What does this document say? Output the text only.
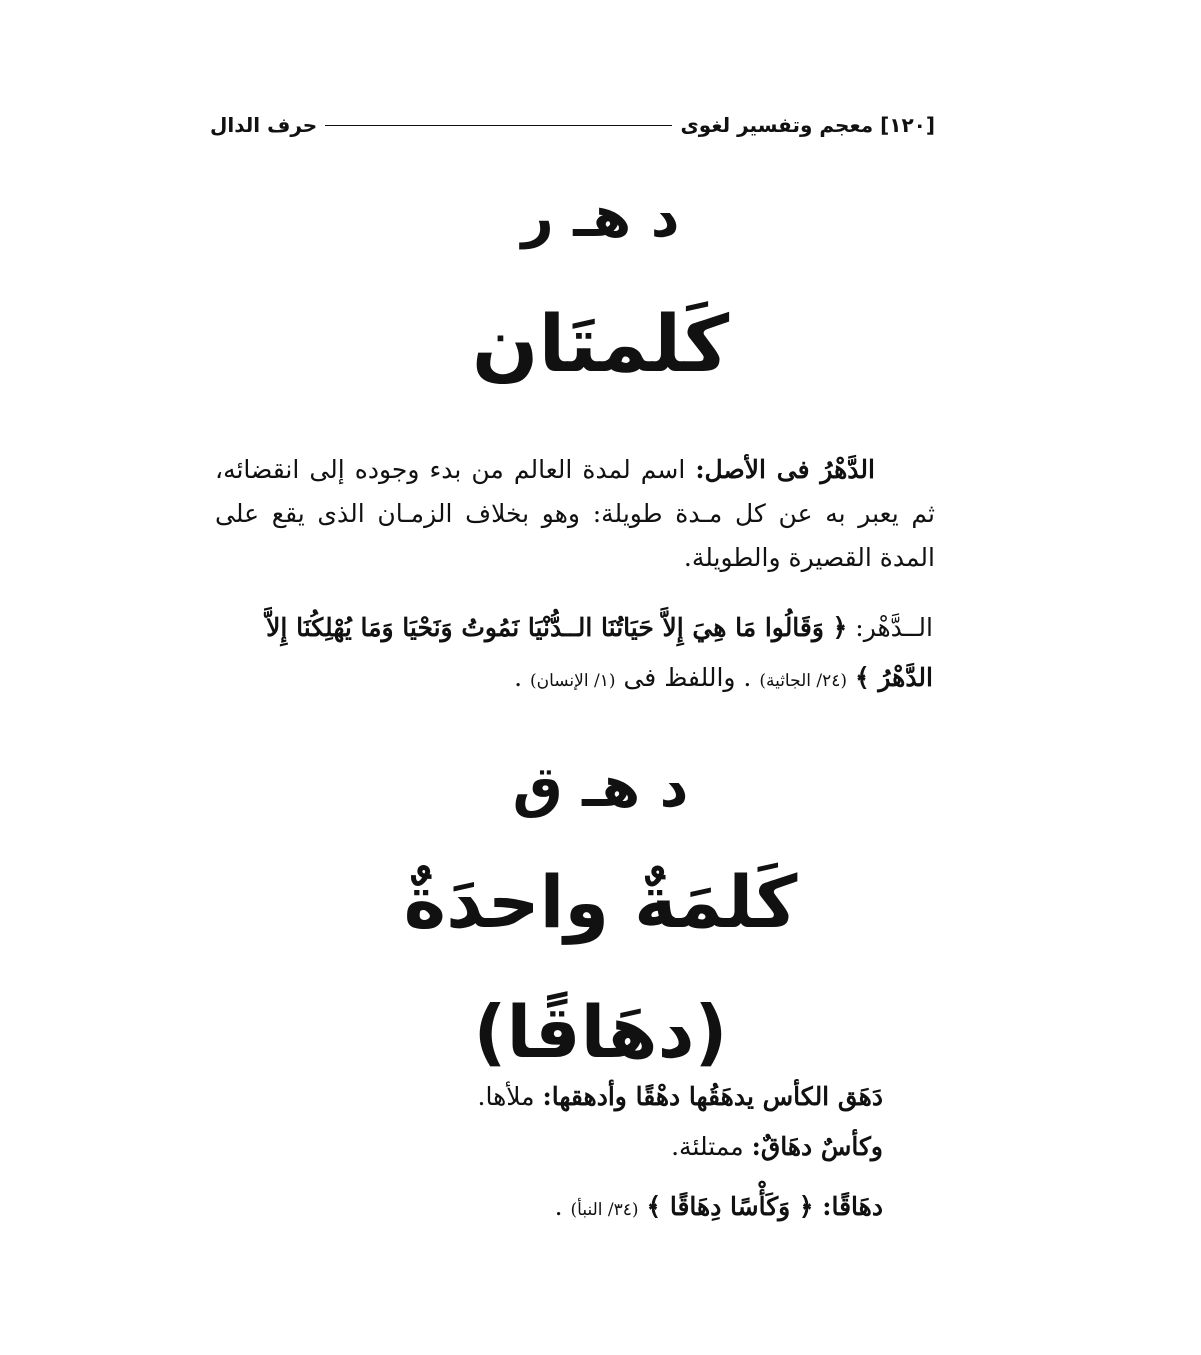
[١٢٠] معجم وتفسير لغوى
حرف الدال
د هـ ر
كَلمتَان
الدَّهْرُ فى الأصل: اسم لمدة العالم من بدء وجوده إلى انقضائه، ثم يعبر به عن كل مـدة طويلة: وهو بخلاف الزمـان الذى يقع على المدة القصيرة والطويلة.
الــدَّهْر: ﴿ وَقَالُوا مَا هِيَ إِلاَّ حَيَاتُنَا الــدُّنْيَا نَمُوتُ وَنَحْيَا وَمَا يُهْلِكُنَا إِلاَّ
الدَّهْرُ ﴾ (٢٤/ الجاثية) . واللفظ فى (١/ الإنسان) .
د هـ ق
كَلمَةٌ واحدَةٌ
(دهَاقًا)
دَهَق الكأس يدهَقُها دهْقًا وأدهقها: ملأها.
وكأسٌ دهَاقٌ: ممتلئة.
دهَاقًا: ﴿ وَكَأْسًا دِهَاقًا ﴾ (٣٤/ النبأ) .
